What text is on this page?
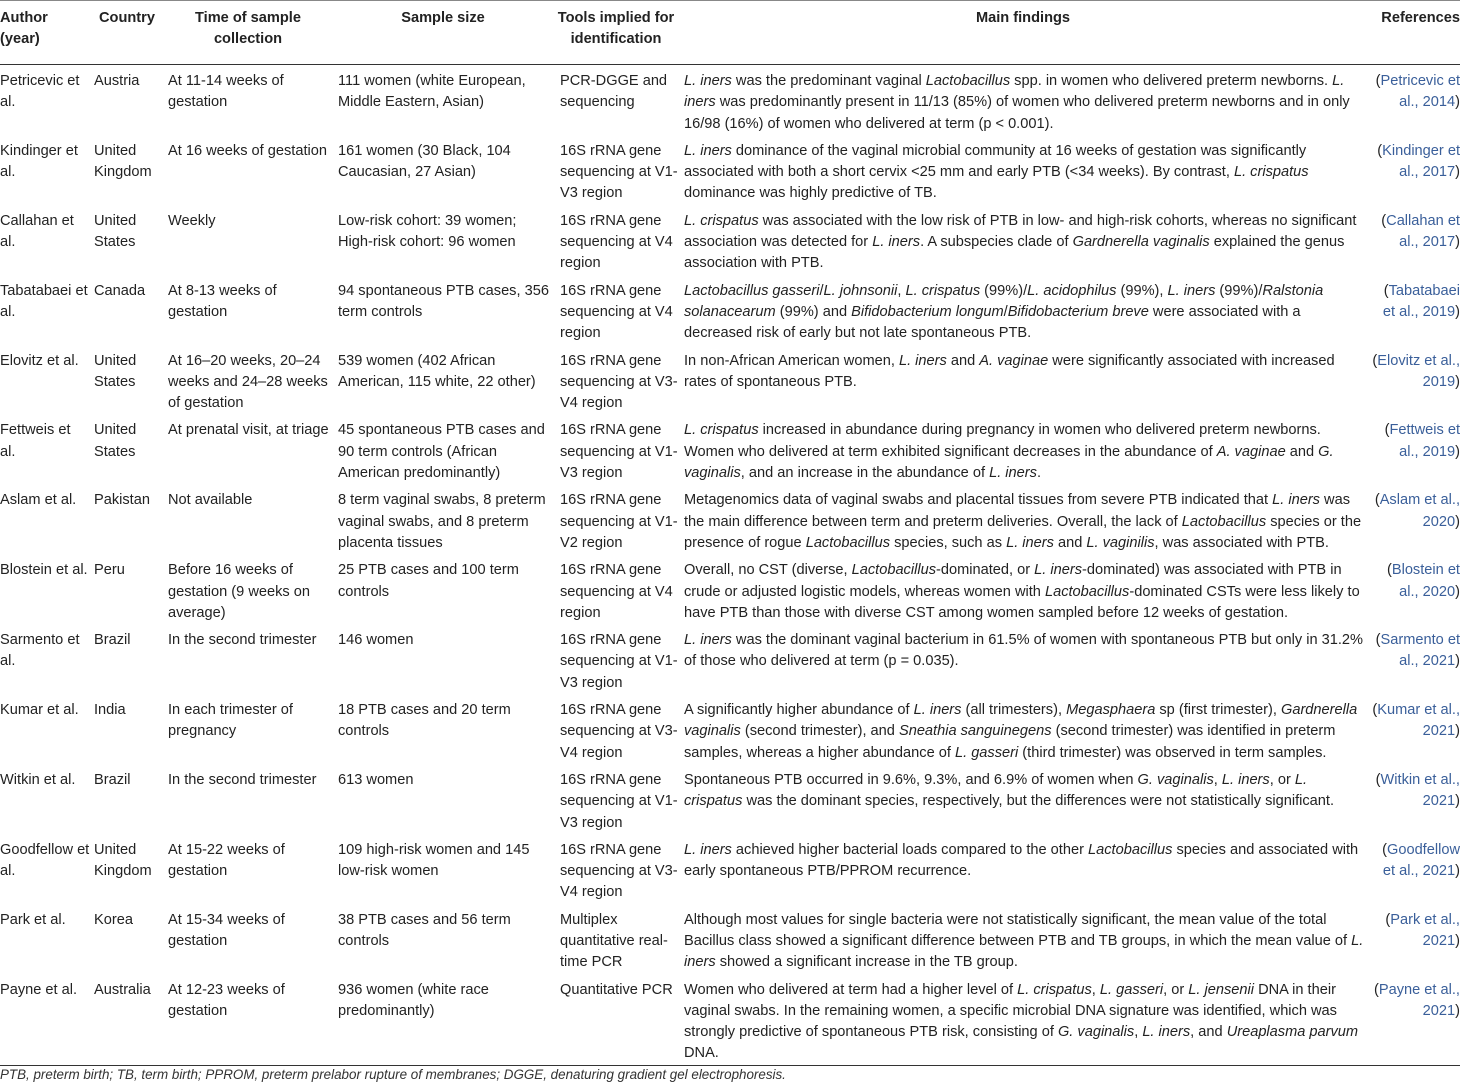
Author (year)	Country	Time of sample collection	Sample size	Tools implied for identification	Main findings	References
Petricevic et al.	Austria	At 11-14 weeks of gestation	111 women (white European, Middle Eastern, Asian)	PCR-DGGE and sequencing	L. iners was the predominant vaginal Lactobacillus spp. in women who delivered preterm newborns. L. iners was predominantly present in 11/13 (85%) of women who delivered preterm newborns and in only 16/98 (16%) of women who delivered at term (p < 0.001).	(Petricevic et al., 2014)
Kindinger et al.	United Kingdom	At 16 weeks of gestation	161 women (30 Black, 104 Caucasian, 27 Asian)	16S rRNA gene sequencing at V1-V3 region	L. iners dominance of the vaginal microbial community at 16 weeks of gestation was significantly associated with both a short cervix <25 mm and early PTB (<34 weeks). By contrast, L. crispatus dominance was highly predictive of TB.	(Kindinger et al., 2017)
Callahan et al.	United States	Weekly	Low-risk cohort: 39 women; High-risk cohort: 96 women	16S rRNA gene sequencing at V4 region	L. crispatus was associated with the low risk of PTB in low- and high-risk cohorts, whereas no significant association was detected for L. iners. A subspecies clade of Gardnerella vaginalis explained the genus association with PTB.	(Callahan et al., 2017)
Tabatabaei et al.	Canada	At 8-13 weeks of gestation	94 spontaneous PTB cases, 356 term controls	16S rRNA gene sequencing at V4 region	Lactobacillus gasseri/L. johnsonii, L. crispatus (99%)/L. acidophilus (99%), L. iners (99%)/Ralstonia solanacearum (99%) and Bifidobacterium longum/Bifidobacterium breve were associated with a decreased risk of early but not late spontaneous PTB.	(Tabatabaei et al., 2019)
Elovitz et al.	United States	At 16–20 weeks, 20–24 weeks and 24–28 weeks of gestation	539 women (402 African American, 115 white, 22 other)	16S rRNA gene sequencing at V3-V4 region	In non-African American women, L. iners and A. vaginae were significantly associated with increased rates of spontaneous PTB.	(Elovitz et al., 2019)
Fettweis et al.	United States	At prenatal visit, at triage	45 spontaneous PTB cases and 90 term controls (African American predominantly)	16S rRNA gene sequencing at V1-V3 region	L. crispatus increased in abundance during pregnancy in women who delivered preterm newborns. Women who delivered at term exhibited significant decreases in the abundance of A. vaginae and G. vaginalis, and an increase in the abundance of L. iners.	(Fettweis et al., 2019)
Aslam et al.	Pakistan	Not available	8 term vaginal swabs, 8 preterm vaginal swabs, and 8 preterm placenta tissues	16S rRNA gene sequencing at V1-V2 region	Metagenomics data of vaginal swabs and placental tissues from severe PTB indicated that L. iners was the main difference between term and preterm deliveries. Overall, the lack of Lactobacillus species or the presence of rogue Lactobacillus species, such as L. iners and L. vaginilis, was associated with PTB.	(Aslam et al., 2020)
Blostein et al.	Peru	Before 16 weeks of gestation (9 weeks on average)	25 PTB cases and 100 term controls	16S rRNA gene sequencing at V4 region	Overall, no CST (diverse, Lactobacillus-dominated, or L. iners-dominated) was associated with PTB in crude or adjusted logistic models, whereas women with Lactobacillus-dominated CSTs were less likely to have PTB than those with diverse CST among women sampled before 12 weeks of gestation.	(Blostein et al., 2020)
Sarmento et al.	Brazil	In the second trimester	146 women	16S rRNA gene sequencing at V1-V3 region	L. iners was the dominant vaginal bacterium in 61.5% of women with spontaneous PTB but only in 31.2% of those who delivered at term (p = 0.035).	(Sarmento et al., 2021)
Kumar et al.	India	In each trimester of pregnancy	18 PTB cases and 20 term controls	16S rRNA gene sequencing at V3-V4 region	A significantly higher abundance of L. iners (all trimesters), Megasphaera sp (first trimester), Gardnerella vaginalis (second trimester), and Sneathia sanguinegens (second trimester) was identified in preterm samples, whereas a higher abundance of L. gasseri (third trimester) was observed in term samples.	(Kumar et al., 2021)
Witkin et al.	Brazil	In the second trimester	613 women	16S rRNA gene sequencing at V1-V3 region	Spontaneous PTB occurred in 9.6%, 9.3%, and 6.9% of women when G. vaginalis, L. iners, or L. crispatus was the dominant species, respectively, but the differences were not statistically significant.	(Witkin et al., 2021)
Goodfellow et al.	United Kingdom	At 15-22 weeks of gestation	109 high-risk women and 145 low-risk women	16S rRNA gene sequencing at V3-V4 region	L. iners achieved higher bacterial loads compared to the other Lactobacillus species and associated with early spontaneous PTB/PPROM recurrence.	(Goodfellow et al., 2021)
Park et al.	Korea	At 15-34 weeks of gestation	38 PTB cases and 56 term controls	Multiplex quantitative real-time PCR	Although most values for single bacteria were not statistically significant, the mean value of the total Bacillus class showed a significant difference between PTB and TB groups, in which the mean value of L. iners showed a significant increase in the TB group.	(Park et al., 2021)
Payne et al.	Australia	At 12-23 weeks of gestation	936 women (white race predominantly)	Quantitative PCR	Women who delivered at term had a higher level of L. crispatus, L. gasseri, or L. jensenii DNA in their vaginal swabs. In the remaining women, a specific microbial DNA signature was identified, which was strongly predictive of spontaneous PTB risk, consisting of G. vaginalis, L. iners, and Ureaplasma parvum DNA.	(Payne et al., 2021)
PTB, preterm birth; TB, term birth; PPROM, preterm prelabor rupture of membranes; DGGE, denaturing gradient gel electrophoresis.
